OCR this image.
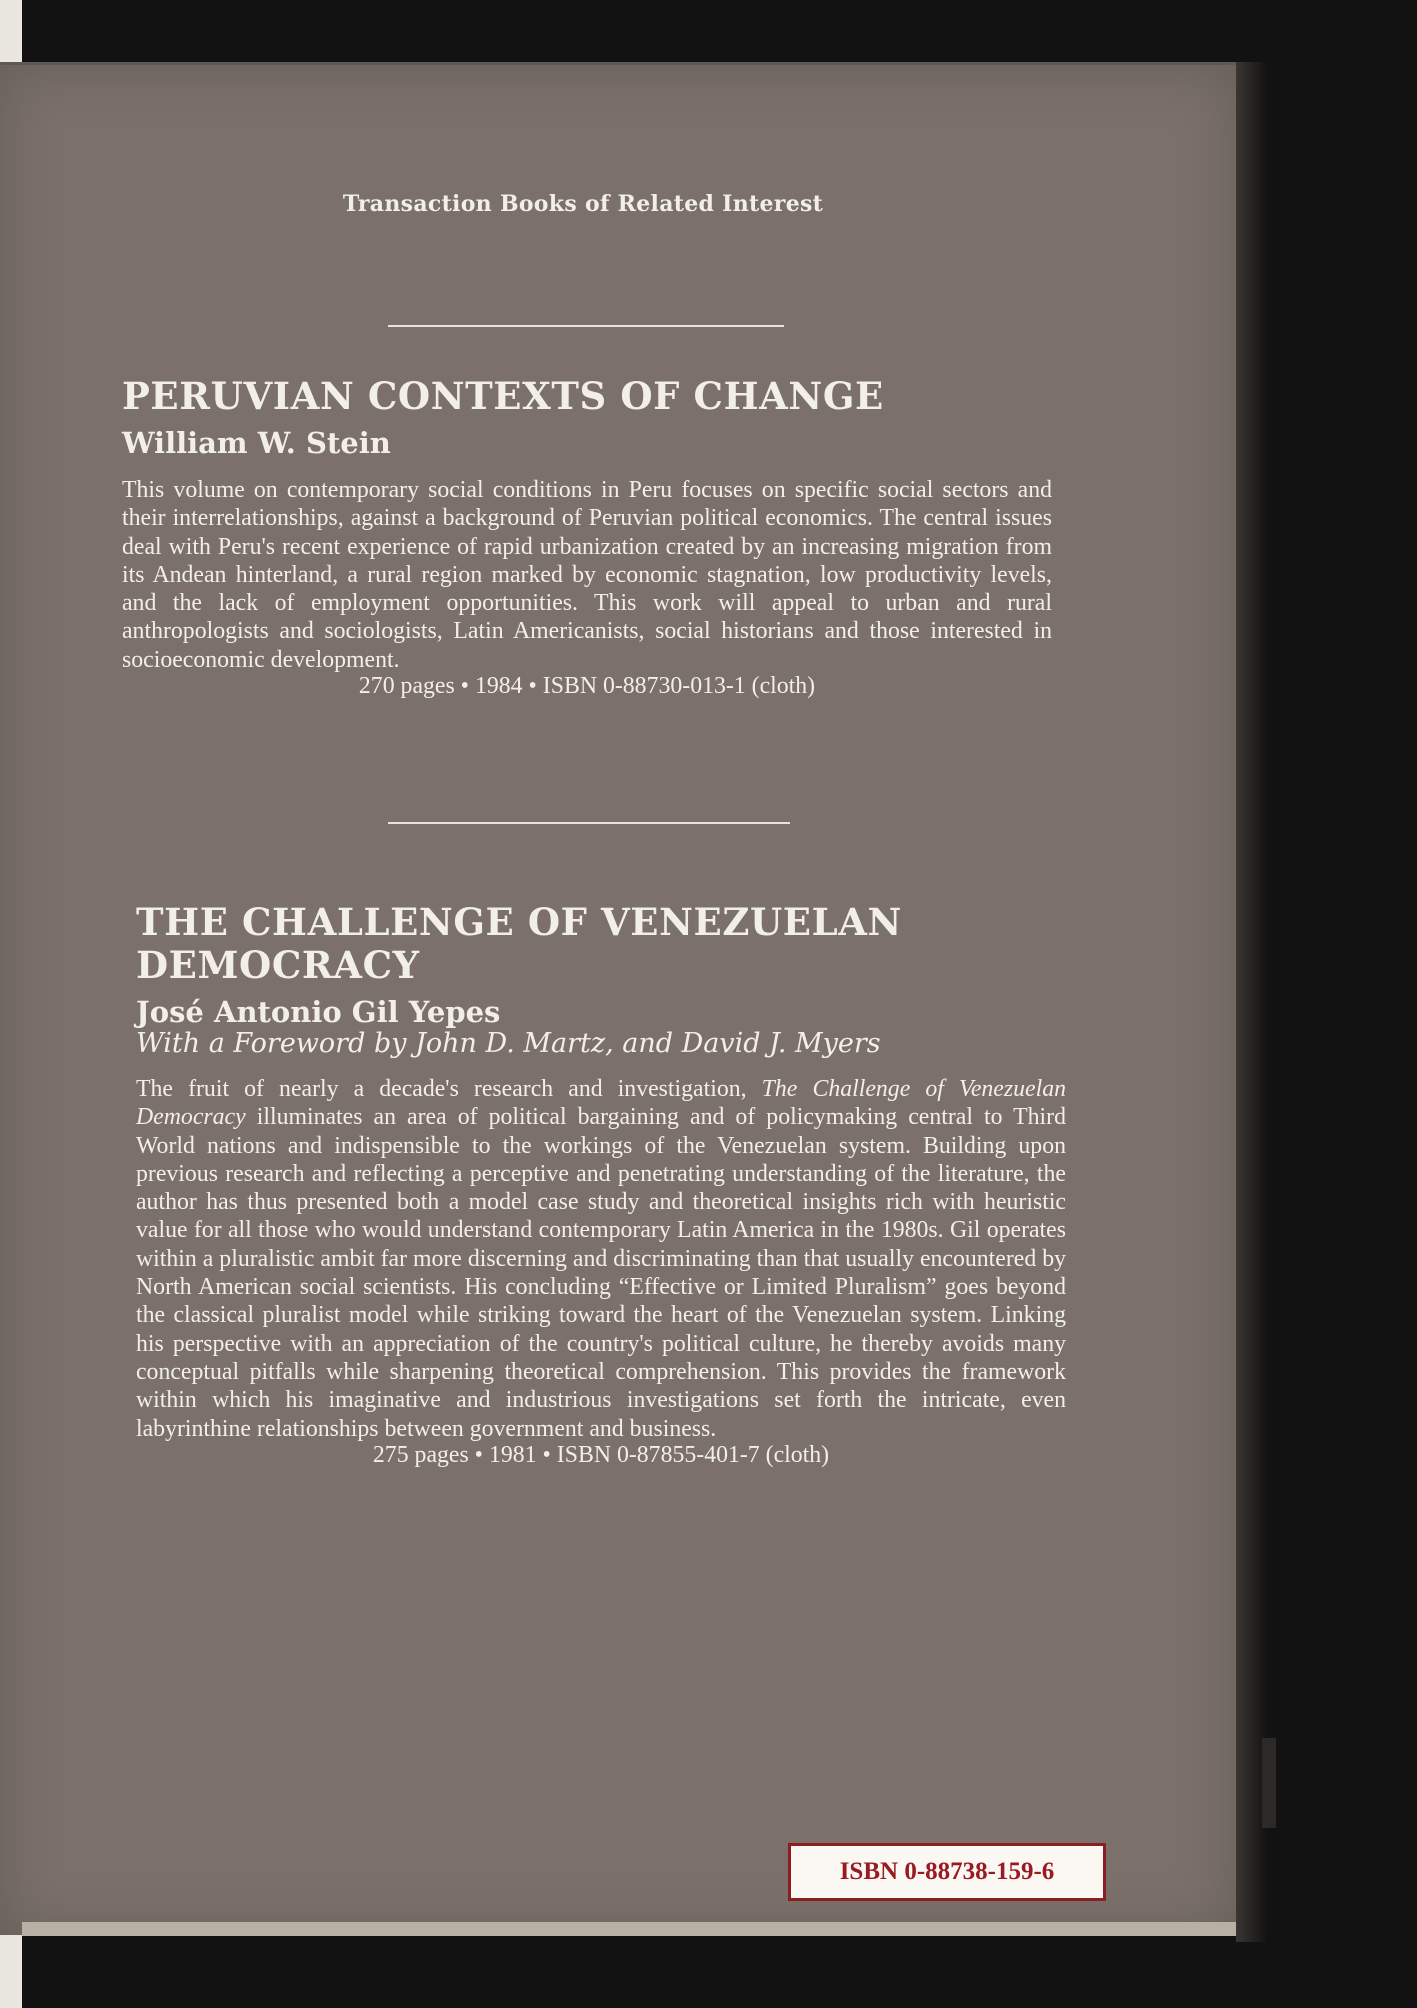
Transaction Books of Related Interest
PERUVIAN CONTEXTS OF CHANGE
William W. Stein
This volume on contemporary social conditions in Peru focuses on specific social sectors and their interrelationships, against a background of Peruvian political economics. The central issues deal with Peru's recent experience of rapid urbanization created by an increasing migration from its Andean hinterland, a rural region marked by economic stagnation, low productivity levels, and the lack of employment opportunities. This work will appeal to urban and rural anthropologists and sociologists, Latin Americanists, social historians and those interested in socioeconomic development.
270 pages • 1984 • ISBN 0-88730-013-1 (cloth)
THE CHALLENGE OF VENEZUELAN
DEMOCRACY
José Antonio Gil Yepes
With a Foreword by John D. Martz, and David J. Myers
The fruit of nearly a decade's research and investigation, The Challenge of Venezuelan Democracy illuminates an area of political bargaining and of policymaking central to Third World nations and indispensible to the workings of the Venezuelan system. Building upon previous research and reflecting a perceptive and penetrating understanding of the literature, the author has thus presented both a model case study and theoretical insights rich with heuristic value for all those who would understand contemporary Latin America in the 1980s. Gil operates within a pluralistic ambit far more discerning and discriminating than that usually encountered by North American social scientists. His concluding “Effective or Limited Pluralism” goes beyond the classical pluralist model while striking toward the heart of the Venezuelan system. Linking his perspective with an appreciation of the country's political culture, he thereby avoids many conceptual pitfalls while sharpening theoretical comprehension. This provides the framework within which his imaginative and industrious investigations set forth the intricate, even labyrinthine relationships between government and business.
275 pages • 1981 • ISBN 0-87855-401-7 (cloth)
ISBN 0-88738-159-6
